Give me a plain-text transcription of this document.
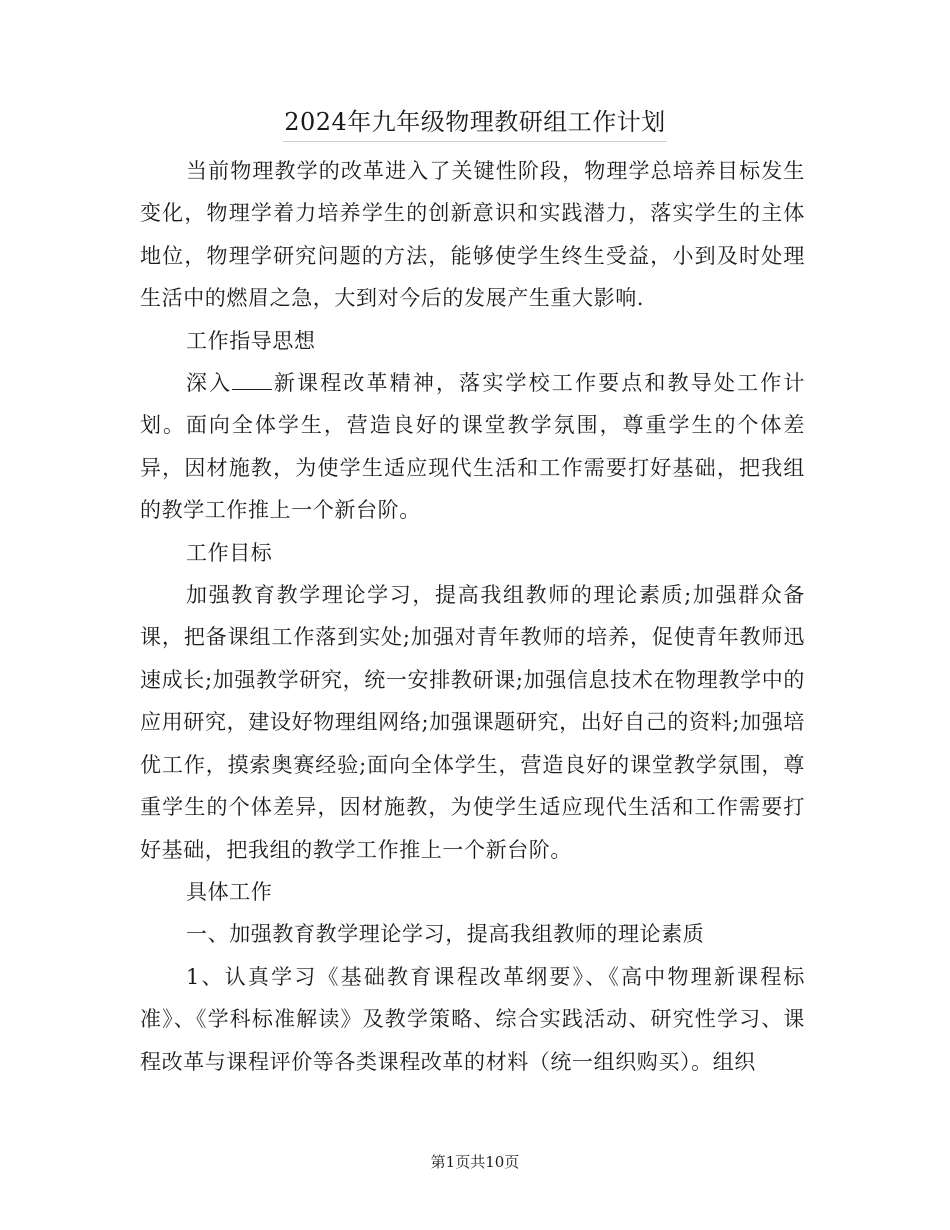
2024年九年级物理教研组工作计划

当前物理教学的改革进入了关键性阶段，物理学总培养目标发生变化，物理学着力培养学生的创新意识和实践潜力，落实学生的主体地位，物理学研究问题的方法，能够使学生终生受益，小到及时处理生活中的燃眉之急，大到对今后的发展产生重大影响.

工作指导思想

深入 新课程改革精神，落实学校工作要点和教导处工作计划。面向全体学生，营造良好的课堂教学氛围，尊重学生的个体差异，因材施教，为使学生适应现代生活和工作需要打好基础，把我组的教学工作推上一个新台阶。

工作目标

加强教育教学理论学习，提高我组教师的理论素质;加强群众备课，把备课组工作落到实处;加强对青年教师的培养，促使青年教师迅速成长;加强教学研究，统一安排教研课;加强信息技术在物理教学中的应用研究，建设好物理组网络;加强课题研究，出好自己的资料;加强培优工作，摸索奥赛经验;面向全体学生，营造良好的课堂教学氛围，尊重学生的个体差异，因材施教，为使学生适应现代生活和工作需要打好基础，把我组的教学工作推上一个新台阶。

具体工作

一、加强教育教学理论学习，提高我组教师的理论素质

1、认真学习《基础教育课程改革纲要》、《高中物理新课程标准》、《学科标准解读》及教学策略、综合实践活动、研究性学习、课程改革与课程评价等各类课程改革的材料（统一组织购买）。组织

第1页共10页
